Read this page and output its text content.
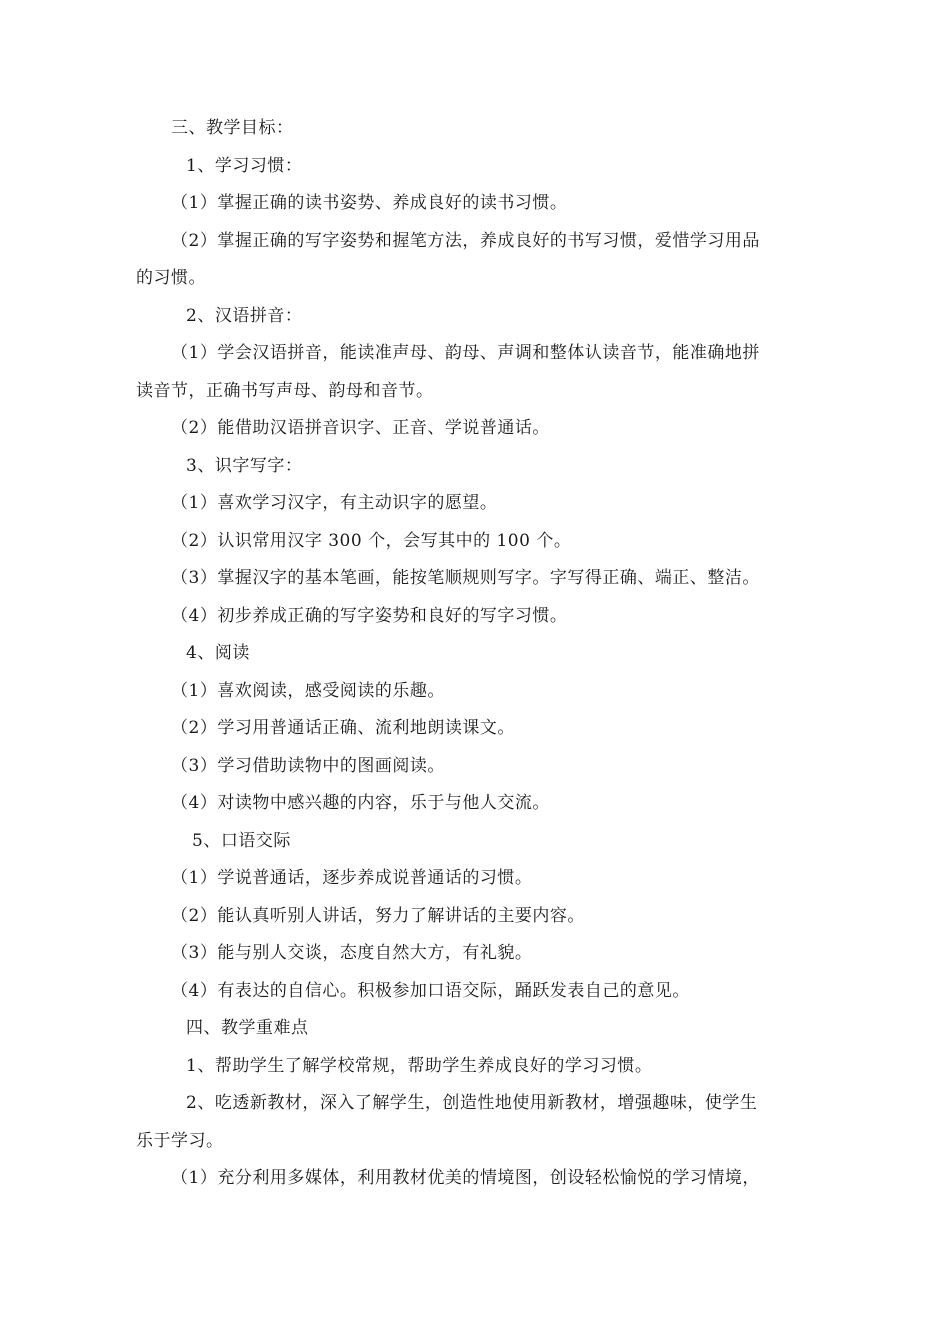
三、教学目标：
1、学习习惯：
（1）掌握正确的读书姿势、养成良好的读书习惯。
（2）掌握正确的写字姿势和握笔方法，养成良好的书写习惯，爱惜学习用品
的习惯。
2、汉语拼音：
（1）学会汉语拼音，能读准声母、韵母、声调和整体认读音节，能准确地拼
读音节，正确书写声母、韵母和音节。
（2）能借助汉语拼音识字、正音、学说普通话。
3、识字写字：
（1）喜欢学习汉字，有主动识字的愿望。
（2）认识常用汉字 300 个，会写其中的 100 个。
（3）掌握汉字的基本笔画，能按笔顺规则写字。字写得正确、端正、整洁。
（4）初步养成正确的写字姿势和良好的写字习惯。
4、阅读
（1）喜欢阅读，感受阅读的乐趣。
（2）学习用普通话正确、流利地朗读课文。
（3）学习借助读物中的图画阅读。
（4）对读物中感兴趣的内容，乐于与他人交流。
5、口语交际
（1）学说普通话，逐步养成说普通话的习惯。
（2）能认真听别人讲话，努力了解讲话的主要内容。
（3）能与别人交谈，态度自然大方，有礼貌。
（4）有表达的自信心。积极参加口语交际，踊跃发表自己的意见。
四、教学重难点
1、帮助学生了解学校常规，帮助学生养成良好的学习习惯。
2、吃透新教材，深入了解学生，创造性地使用新教材，增强趣味，使学生
乐于学习。
（1）充分利用多媒体，利用教材优美的情境图，创设轻松愉悦的学习情境，
